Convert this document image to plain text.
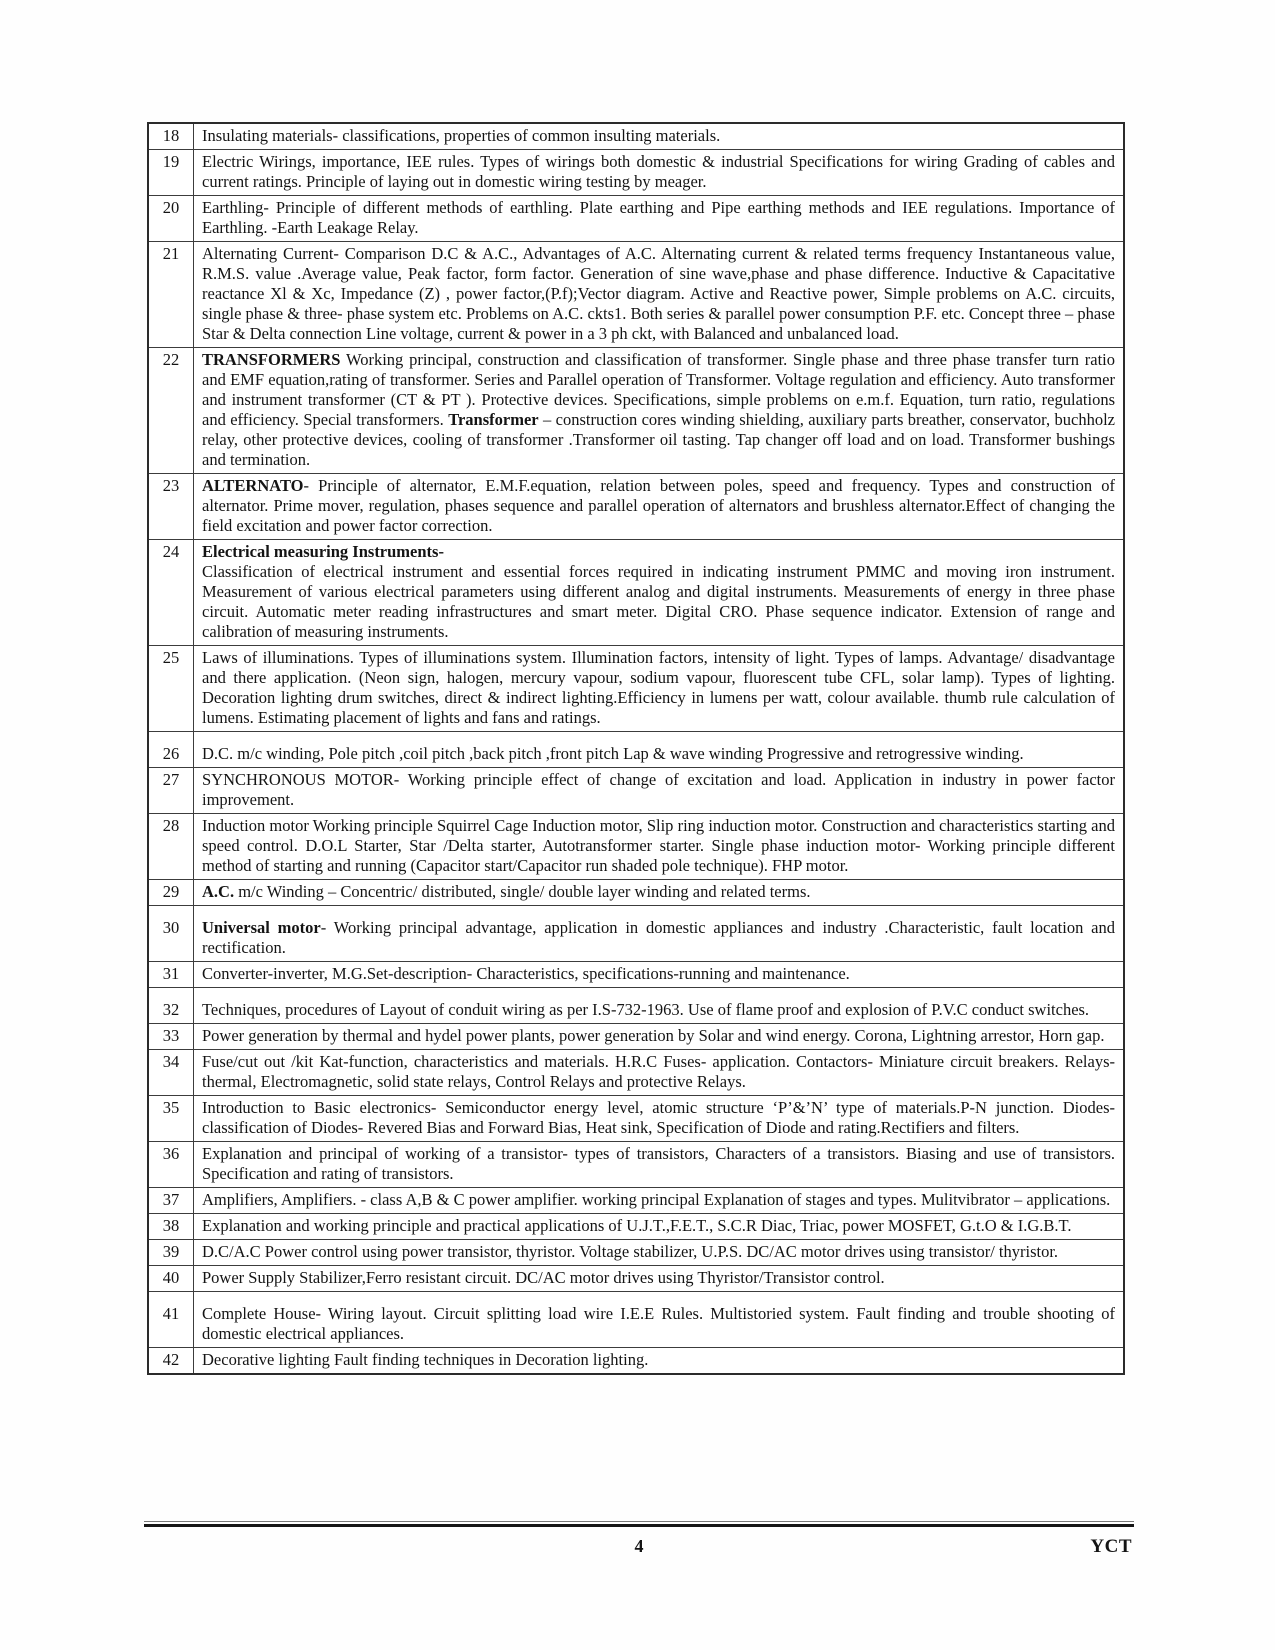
18	Insulating materials- classifications, properties of common insulting materials.
19	Electric Wirings, importance, IEE rules. Types of wirings both domestic & industrial Specifications for wiring Grading of cables and current ratings. Principle of laying out in domestic wiring testing by meager.
20	Earthling- Principle of different methods of earthling. Plate earthing and Pipe earthing methods and IEE regulations. Importance of Earthling. -Earth Leakage Relay.
21	Alternating Current- Comparison D.C & A.C., Advantages of A.C. Alternating current & related terms frequency Instantaneous value, R.M.S. value .Average value, Peak factor, form factor. Generation of sine wave,phase and phase difference. Inductive & Capacitative reactance Xl & Xc, Impedance (Z) , power factor,(P.f);Vector diagram. Active and Reactive power, Simple problems on A.C. circuits, single phase & three- phase system etc. Problems on A.C. ckts1. Both series & parallel power consumption P.F. etc. Concept three – phase Star & Delta connection Line voltage, current & power in a 3 ph ckt, with Balanced and unbalanced load.
22	TRANSFORMERS Working principal, construction and classification of transformer. Single phase and three phase transfer turn ratio and EMF equation,rating of transformer. Series and Parallel operation of Transformer. Voltage regulation and efficiency. Auto transformer and instrument transformer (CT & PT ). Protective devices. Specifications, simple problems on e.m.f. Equation, turn ratio, regulations and efficiency. Special transformers. Transformer – construction cores winding shielding, auxiliary parts breather, conservator, buchholz relay, other protective devices, cooling of transformer .Transformer oil tasting. Tap changer off load and on load. Transformer bushings and termination.
23	ALTERNATO- Principle of alternator, E.M.F.equation, relation between poles, speed and frequency. Types and construction of alternator. Prime mover, regulation, phases sequence and parallel operation of alternators and brushless alternator.Effect of changing the field excitation and power factor correction.
24	Electrical measuring Instruments-
Classification of electrical instrument and essential forces required in indicating instrument PMMC and moving iron instrument. Measurement of various electrical parameters using different analog and digital instruments. Measurements of energy in three phase circuit. Automatic meter reading infrastructures and smart meter. Digital CRO. Phase sequence indicator. Extension of range and calibration of measuring instruments.
25	Laws of illuminations. Types of illuminations system. Illumination factors, intensity of light. Types of lamps. Advantage/ disadvantage and there application. (Neon sign, halogen, mercury vapour, sodium vapour, fluorescent tube CFL, solar lamp). Types of lighting. Decoration lighting drum switches, direct & indirect lighting.Efficiency in lumens per watt, colour available. thumb rule calculation of lumens. Estimating placement of lights and fans and ratings.
26	D.C. m/c winding, Pole pitch ,coil pitch ,back pitch ,front pitch Lap & wave winding Progressive and retrogressive winding.
27	SYNCHRONOUS MOTOR- Working principle effect of change of excitation and load. Application in industry in power factor improvement.
28	Induction motor Working principle Squirrel Cage Induction motor, Slip ring induction motor. Construction and characteristics starting and speed control. D.O.L Starter, Star /Delta starter, Autotransformer starter. Single phase induction motor- Working principle different method of starting and running (Capacitor start/Capacitor run shaded pole technique). FHP motor.
29	A.C. m/c Winding – Concentric/ distributed, single/ double layer winding and related terms.
30	Universal motor- Working principal advantage, application in domestic appliances and industry .Characteristic, fault location and rectification.
31	Converter-inverter, M.G.Set-description- Characteristics, specifications-running and maintenance.
32	Techniques, procedures of Layout of conduit wiring as per I.S-732-1963. Use of flame proof and explosion of P.V.C conduct switches.
33	Power generation by thermal and hydel power plants, power generation by Solar and wind energy. Corona, Lightning arrestor, Horn gap.
34	Fuse/cut out /kit Kat-function, characteristics and materials. H.R.C Fuses- application. Contactors- Miniature circuit breakers. Relays- thermal, Electromagnetic, solid state relays, Control Relays and protective Relays.
35	Introduction to Basic electronics- Semiconductor energy level, atomic structure ‘P’&’N’ type of materials.P-N junction. Diodes- classification of Diodes- Revered Bias and Forward Bias, Heat sink, Specification of Diode and rating.Rectifiers and filters.
36	Explanation and principal of working of a transistor- types of transistors, Characters of a transistors. Biasing and use of transistors. Specification and rating of transistors.
37	Amplifiers, Amplifiers. - class A,B & C power amplifier. working principal Explanation of stages and types. Mulitvibrator – applications.
38	Explanation and working principle and practical applications of U.J.T.,F.E.T., S.C.R Diac, Triac, power MOSFET, G.t.O & I.G.B.T.
39	D.C/A.C Power control using power transistor, thyristor. Voltage stabilizer, U.P.S. DC/AC motor drives using transistor/ thyristor.
40	Power Supply Stabilizer,Ferro resistant circuit. DC/AC motor drives using Thyristor/Transistor control.
41	Complete House- Wiring layout. Circuit splitting load wire I.E.E Rules. Multistoried system. Fault finding and trouble shooting of domestic electrical appliances.
42	Decorative lighting Fault finding techniques in Decoration lighting.
4	YCT
